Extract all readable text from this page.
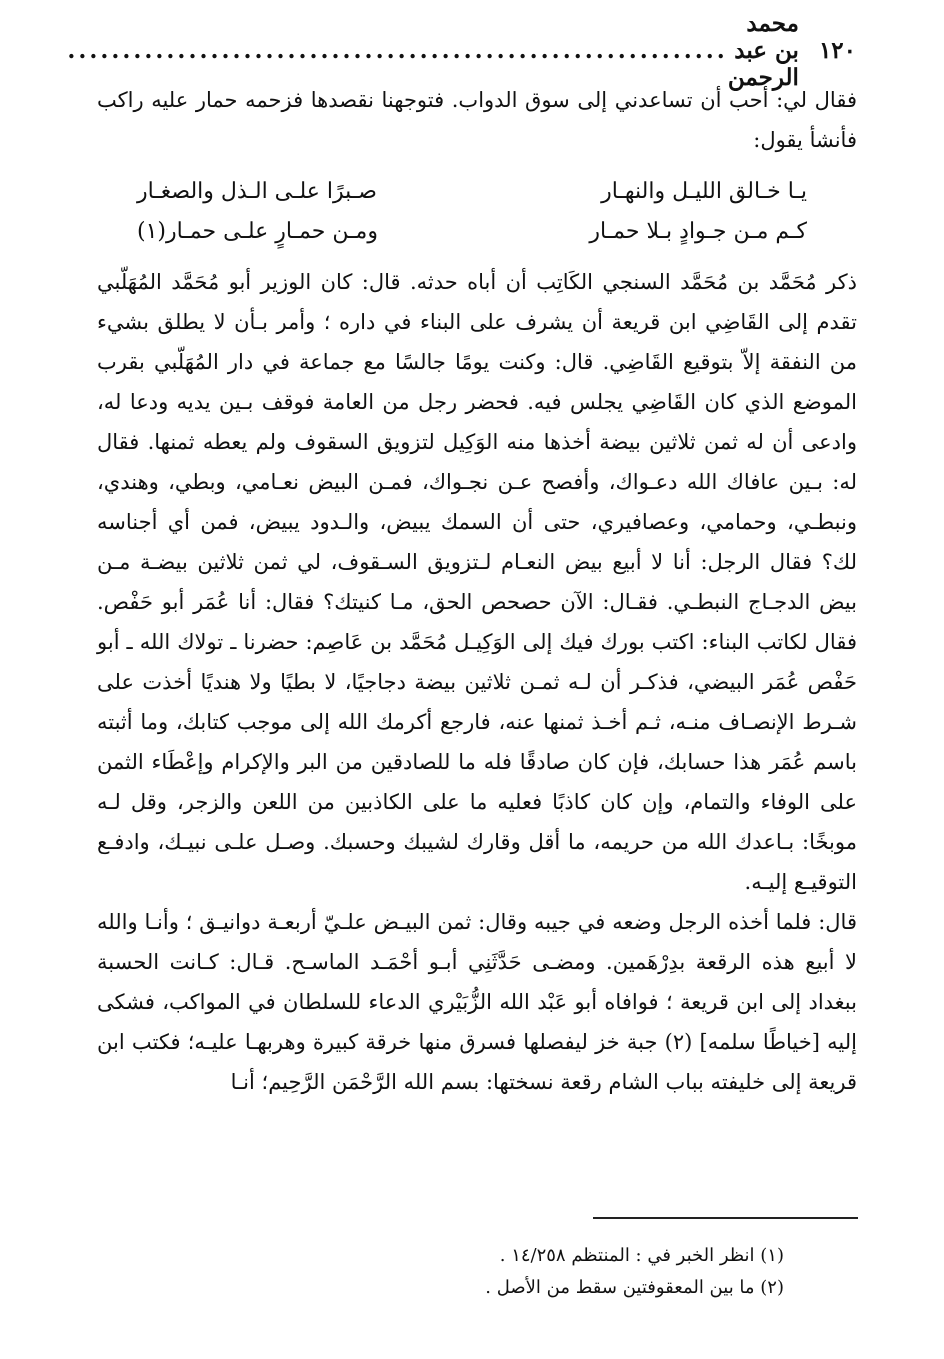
١٢٠
محمد بن عبد الرحمن
............................................................

فقال لي: أحب أن تساعدني إلى سوق الدواب. فتوجهنا نقصدها فزحمه حمار عليه راكب فأنشأ يقول:

يـا خـالق الليـل والنهـار
صـبرًا علـى الـذل والصغـار
كـم مـن جـوادٍ بـلا حمـار
ومـن حمـارٍ علـى حمـار(١)

ذكر مُحَمَّد بن مُحَمَّد السنجي الكَاتِب أن أباه حدثه. قال: كان الوزير أبو مُحَمَّد المُهَلّبي تقدم إلى القَاضِي ابن قريعة أن يشرف على البناء في داره ؛ وأمر بـأن لا يطلق بشيء من النفقة إلاّ بتوقيع القَاضِي. قال: وكنت يومًا جالسًا مع جماعة في دار المُهَلّبي بقرب الموضع الذي كان القَاضِي يجلس فيه. فحضر رجل من العامة فوقف بـين يديه ودعا له، وادعى أن له ثمن ثلاثين بيضة أخذها منه الوَكِيل لتزويق السقوف ولم يعطه ثمنها. فقال له: بـين عافاك الله دعـواك، وأفصح عـن نجـواك، فمـن البيض نعـامي، وبطي، وهندي، ونبطـي، وحمامي، وعصافيري، حتى أن السمك يبيض، والـدود يبيض، فمن أي أجناسه لك؟ فقال الرجل: أنا لا أبيع بيض النعـام لـتزويق السـقوف، لي ثمن ثلاثين بيضـة مـن بيض الدجـاج النبطـي. فقـال: الآن حصحص الحق، مـا كنيتك؟ فقال: أنا عُمَر أبو حَفْص. فقال لكاتب البناء: اكتب بورك فيك إلى الوَكِيـل مُحَمَّد بن عَاصِم: حضرنا ـ تولاك الله ـ أبو حَفْص عُمَر البيضي، فذكـر أن لـه ثمـن ثلاثين بيضة دجاجيًا، لا بطيًا ولا هنديًا أخذت على شـرط الإنصـاف منـه، ثـم أخـذ ثمنها عنه، فارجع أكرمك الله إلى موجب كتابك، وما أثبته باسم عُمَر هذا حسابك، فإن كان صادقًا فله ما للصادقين من البر والإكرام وإعْطَاء الثمن على الوفاء والتمام، وإن كان كاذبًا فعليه ما على الكاذبين من اللعن والزجر، وقل لـه موبخًا: بـاعدك الله من حريمه، ما أقل وقارك لشيبك وحسبك. وصـل علـى نبيـك، وادفـع التوقيـع إليـه.

قال: فلما أخذه الرجل وضعه في جيبه وقال: ثمن البيـض علـيّ أربعـة دوانيـق ؛ وأنـا والله لا أبيع هذه الرقعة بدِرْهَمين. ومضـى حَدَّثَنِي أبـو أحْمَـد الماسـح. قـال: كـانت الحسبة ببغداد إلى ابن قريعة ؛ فوافاه أبو عَبْد الله الزُّبَيْري الدعاء للسلطان في المواكب، فشكى إليه [خياطًا سلمه] (٢) جبة خز ليفصلها فسرق منها خرقة كبيرة وهربهـا عليـه؛ فكتب ابن قريعة إلى خليفته بباب الشام رقعة نسختها: بسم الله الرَّحْمَن الرَّحِيم؛ أنـا

(١) انظر الخبر في : المنتظم ١٤/٢٥٨ .

(٢) ما بين المعقوفتين سقط من الأصل .
